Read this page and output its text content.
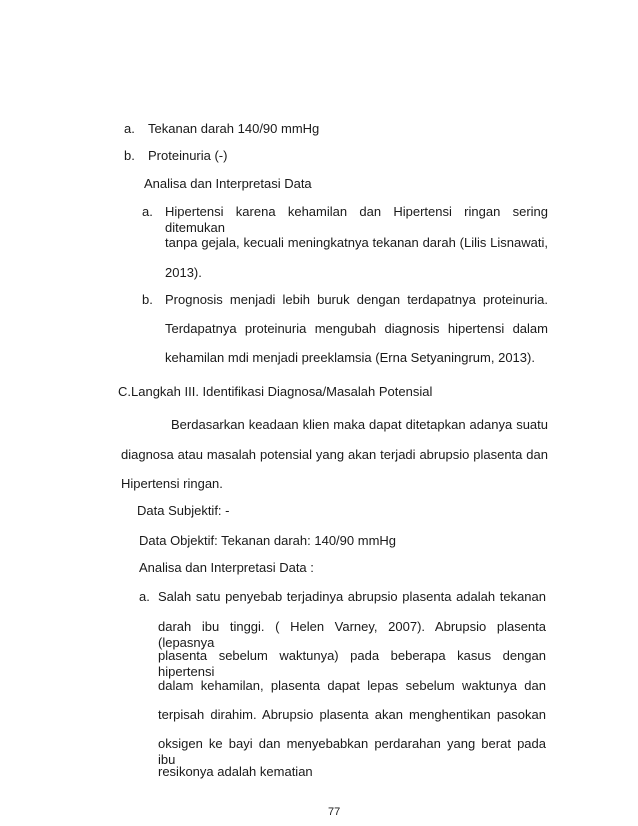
a. Tekanan darah 140/90 mmHg
b. Proteinuria (-)
Analisa dan Interpretasi Data
a. Hipertensi karena kehamilan dan Hipertensi ringan sering ditemukan
tanpa gejala, kecuali meningkatnya tekanan darah (Lilis Lisnawati,
2013).
b. Prognosis menjadi lebih buruk dengan terdapatnya proteinuria.
Terdapatnya proteinuria mengubah diagnosis hipertensi dalam
kehamilan mdi menjadi preeklamsia (Erna Setyaningrum, 2013).
C.Langkah III. Identifikasi Diagnosa/Masalah Potensial
Berdasarkan keadaan klien maka dapat ditetapkan adanya suatu
diagnosa atau masalah potensial yang akan terjadi abrupsio plasenta dan
Hipertensi ringan.
Data Subjektif: -
Data Objektif: Tekanan darah: 140/90 mmHg
Analisa dan Interpretasi Data :
a. Salah satu penyebab terjadinya abrupsio plasenta adalah tekanan
darah ibu tinggi. ( Helen Varney, 2007). Abrupsio plasenta (lepasnya
plasenta sebelum waktunya) pada beberapa kasus dengan hipertensi
dalam kehamilan, plasenta dapat lepas sebelum waktunya dan
terpisah dirahim. Abrupsio plasenta akan menghentikan pasokan
oksigen ke bayi dan menyebabkan perdarahan yang berat pada ibu
resikonya adalah kematian
77
